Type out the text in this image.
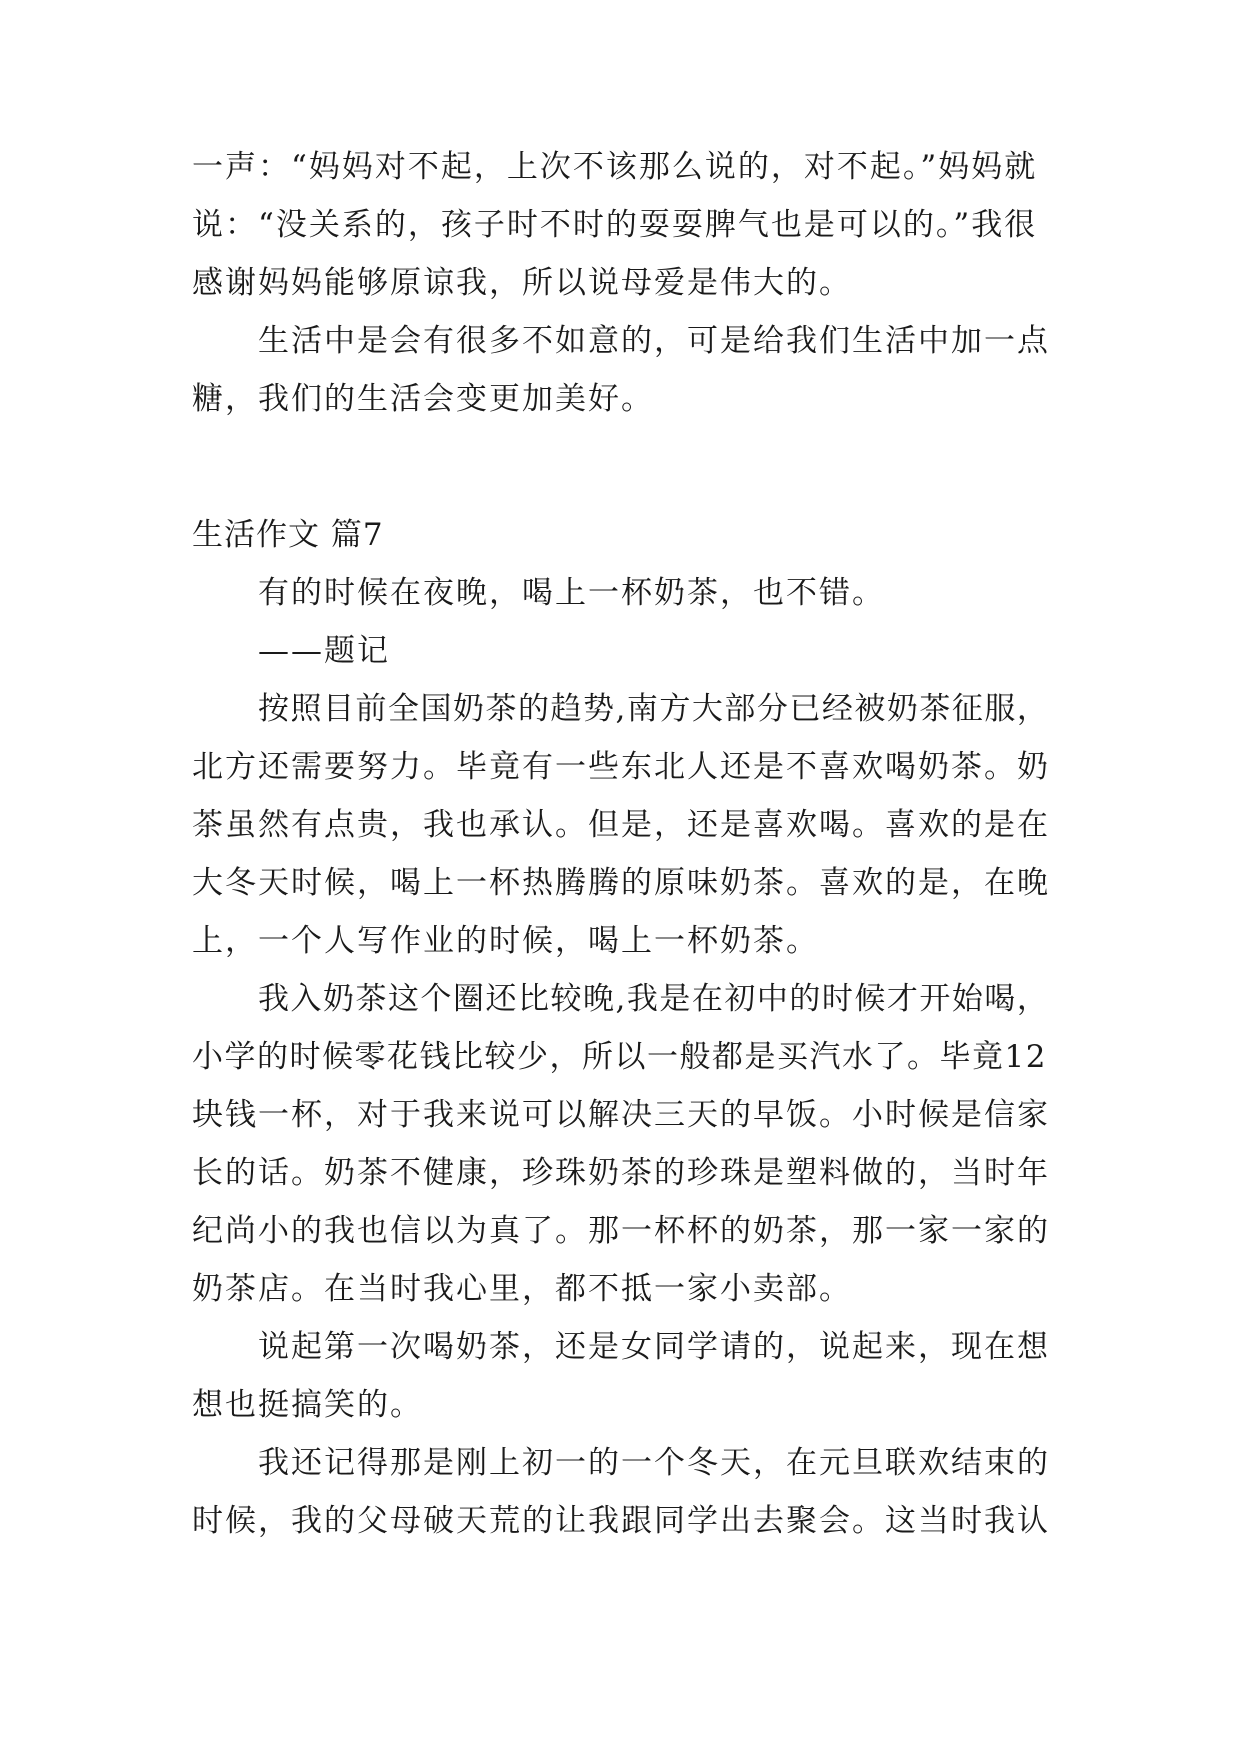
一声：“妈妈对不起，上次不该那么说的，对不起。”妈妈就
说：“没关系的，孩子时不时的耍耍脾气也是可以的。”我很
感谢妈妈能够原谅我，所以说母爱是伟大的。
生活中是会有很多不如意的，可是给我们生活中加一点
糖，我们的生活会变更加美好。
生活作文 篇7
有的时候在夜晚，喝上一杯奶茶，也不错。
——题记
按照目前全国奶茶的趋势,南方大部分已经被奶茶征服，
北方还需要努力。毕竟有一些东北人还是不喜欢喝奶茶。奶
茶虽然有点贵，我也承认。但是，还是喜欢喝。喜欢的是在
大冬天时候，喝上一杯热腾腾的原味奶茶。喜欢的是，在晚
上，一个人写作业的时候，喝上一杯奶茶。
我入奶茶这个圈还比较晚,我是在初中的时候才开始喝，
小学的时候零花钱比较少，所以一般都是买汽水了。毕竟12
块钱一杯，对于我来说可以解决三天的早饭。小时候是信家
长的话。奶茶不健康，珍珠奶茶的珍珠是塑料做的，当时年
纪尚小的我也信以为真了。那一杯杯的奶茶，那一家一家的
奶茶店。在当时我心里，都不抵一家小卖部。
说起第一次喝奶茶，还是女同学请的，说起来，现在想
想也挺搞笑的。
我还记得那是刚上初一的一个冬天，在元旦联欢结束的
时候，我的父母破天荒的让我跟同学出去聚会。这当时我认
